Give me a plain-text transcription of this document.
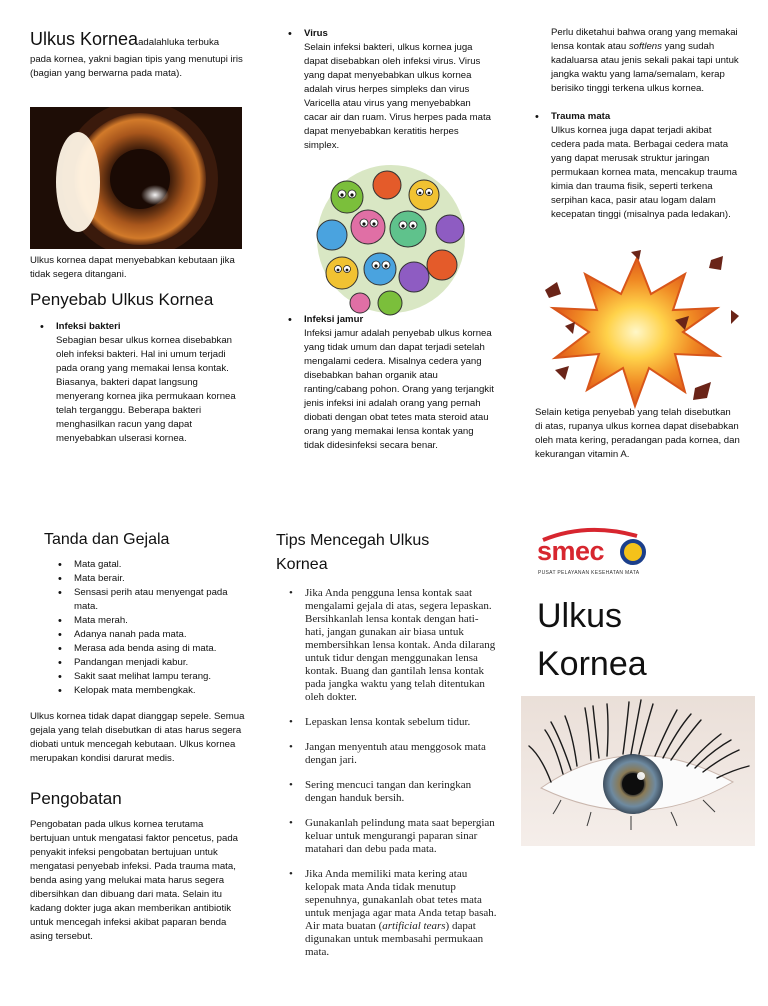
Ulkus Korneaadalahluka terbuka
pada kornea, yakni bagian tipis yang menutupi iris (bagian yang berwarna pada mata).
Ulkus kornea dapat menyebabkan kebutaan jika tidak segera ditangani.
Penyebab Ulkus Kornea
• Infeksi bakteri
Sebagian besar ulkus kornea disebabkan oleh infeksi bakteri. Hal ini umum terjadi pada orang yang memakai lensa kontak. Biasanya, bakteri dapat langsung menyerang kornea jika permukaan kornea telah terganggu. Beberapa bakteri menghasilkan racun yang dapat menyebabkan ulserasi kornea.
• Virus
Selain infeksi bakteri, ulkus kornea juga dapat disebabkan oleh infeksi virus. Virus yang dapat menyebabkan ulkus kornea adalah virus herpes simpleks dan virus Varicella atau virus yang menyebabkan cacar air dan ruam. Virus herpes pada mata dapat menyebabkan keratitis herpes simplex.
• Infeksi jamur
Infeksi jamur adalah penyebab ulkus kornea yang tidak umum dan dapat terjadi setelah mengalami cedera. Misalnya cedera yang disebabkan bahan organik atau ranting/cabang pohon. Orang yang terjangkit jenis infeksi ini adalah orang yang pernah diobati dengan obat tetes mata steroid atau orang yang memakai lensa kontak yang tidak didesinfeksi secara benar.
Perlu diketahui bahwa orang yang memakai lensa kontak atau softlens yang sudah kadaluarsa atau jenis sekali pakai tapi untuk jangka waktu yang lama/semalam, kerap berisiko tinggi terkena ulkus kornea.
• Trauma mata
Ulkus kornea juga dapat terjadi akibat cedera pada mata. Berbagai cedera mata yang dapat merusak struktur jaringan permukaan kornea mata, mencakup trauma kimia dan trauma fisik, seperti terkena serpihan kaca, pasir atau logam dalam kecepatan tinggi (misalnya pada ledakan).
Selain ketiga penyebab yang telah disebutkan di atas, rupanya ulkus kornea dapat disebabkan oleh mata kering, peradangan pada kornea, dan kekurangan vitamin A.
Tanda dan Gejala
• Mata gatal.
• Mata berair.
• Sensasi perih atau menyengat pada mata.
• Mata merah.
• Adanya nanah pada mata.
• Merasa ada benda asing di mata.
• Pandangan menjadi kabur.
• Sakit saat melihat lampu terang.
• Kelopak mata membengkak.
Ulkus kornea tidak dapat dianggap sepele. Semua gejala yang telah disebutkan di atas harus segera diobati untuk mencegah kebutaan. Ulkus kornea merupakan kondisi darurat medis.
Pengobatan
Pengobatan pada ulkus kornea terutama bertujuan untuk mengatasi faktor pencetus, pada penyakit infeksi pengobatan bertujuan untuk mengatasi penyebab infeksi. Pada trauma mata, benda asing yang melukai mata harus segera dibersihkan dan dibuang dari mata. Selain itu kadang dokter juga akan memberikan antibiotik untuk mencegah infeksi akibat paparan benda asing tersebut.
Tips Mencegah Ulkus Kornea
• Jika Anda pengguna lensa kontak saat mengalami gejala di atas, segera lepaskan. Bersihkanlah lensa kontak dengan hati-hati, jangan gunakan air biasa untuk membersihkan lensa kontak. Anda dilarang untuk tidur dengan menggunakan lensa kontak. Buang dan gantilah lensa kontak pada jangka waktu yang telah ditentukan oleh dokter.
• Lepaskan lensa kontak sebelum tidur.
• Jangan menyentuh atau menggosok mata dengan jari.
• Sering mencuci tangan dan keringkan dengan handuk bersih.
• Gunakanlah pelindung mata saat bepergian keluar untuk mengurangi paparan sinar matahari dan debu pada mata.
• Jika Anda memiliki mata kering atau kelopak mata Anda tidak menutup sepenuhnya, gunakanlah obat tetes mata untuk menjaga agar mata Anda tetap basah. Air mata buatan (artificial tears) dapat digunakan untuk membasahi permukaan mata.
smec
PUSAT PELAYANAN KESEHATAN MATA
Ulkus
Kornea
